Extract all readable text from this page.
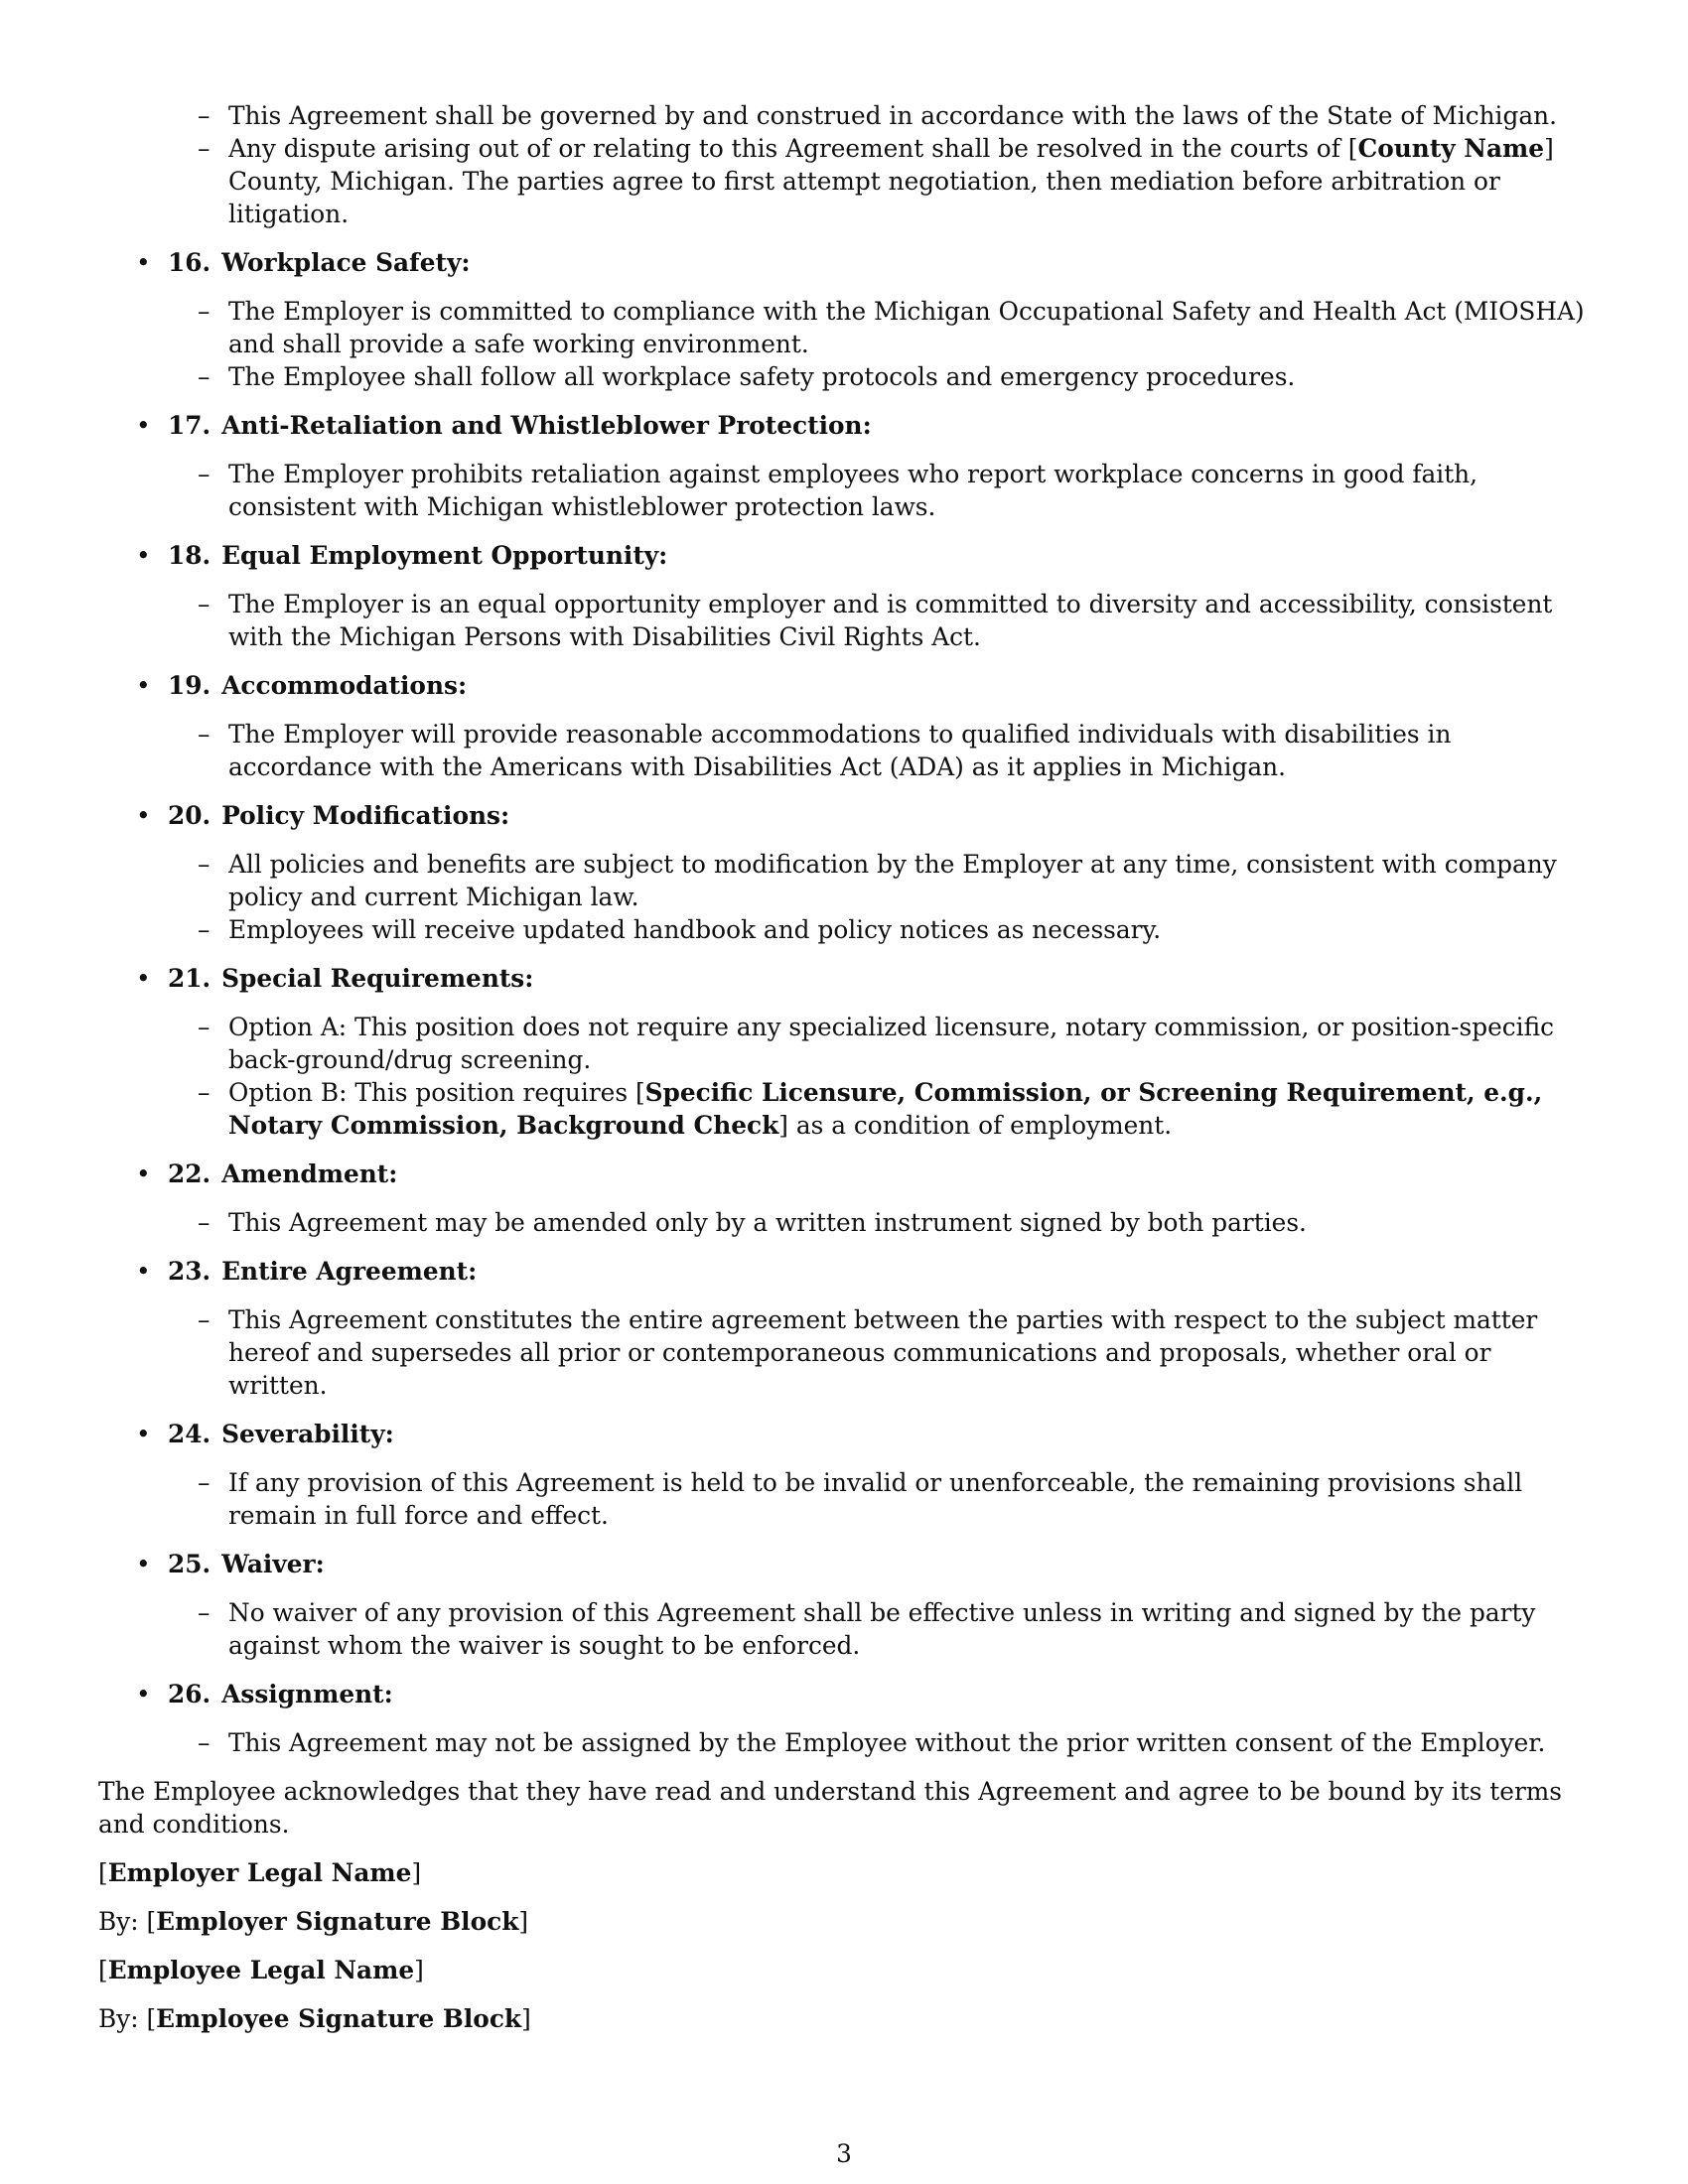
– This Agreement shall be governed by and construed in accordance with the laws of the State of Michigan.
– Any dispute arising out of or relating to this Agreement shall be resolved in the courts of [County Name] County, Michigan. The parties agree to first attempt negotiation, then mediation before arbitration or litigation.
• 16. Workplace Safety:
– The Employer is committed to compliance with the Michigan Occupational Safety and Health Act (MIOSHA) and shall provide a safe working environment.
– The Employee shall follow all workplace safety protocols and emergency procedures.
• 17. Anti-Retaliation and Whistleblower Protection:
– The Employer prohibits retaliation against employees who report workplace concerns in good faith, consistent with Michigan whistleblower protection laws.
• 18. Equal Employment Opportunity:
– The Employer is an equal opportunity employer and is committed to diversity and accessibility, consistent with the Michigan Persons with Disabilities Civil Rights Act.
• 19. Accommodations:
– The Employer will provide reasonable accommodations to qualified individuals with disabilities in accordance with the Americans with Disabilities Act (ADA) as it applies in Michigan.
• 20. Policy Modifications:
– All policies and benefits are subject to modification by the Employer at any time, consistent with company policy and current Michigan law.
– Employees will receive updated handbook and policy notices as necessary.
• 21. Special Requirements:
– Option A: This position does not require any specialized licensure, notary commission, or position-specific back-ground/drug screening.
– Option B: This position requires [Specific Licensure, Commission, or Screening Requirement, e.g., Notary Commission, Background Check] as a condition of employment.
• 22. Amendment:
– This Agreement may be amended only by a written instrument signed by both parties.
• 23. Entire Agreement:
– This Agreement constitutes the entire agreement between the parties with respect to the subject matter hereof and supersedes all prior or contemporaneous communications and proposals, whether oral or written.
• 24. Severability:
– If any provision of this Agreement is held to be invalid or unenforceable, the remaining provisions shall remain in full force and effect.
• 25. Waiver:
– No waiver of any provision of this Agreement shall be effective unless in writing and signed by the party against whom the waiver is sought to be enforced.
• 26. Assignment:
– This Agreement may not be assigned by the Employee without the prior written consent of the Employer.
The Employee acknowledges that they have read and understand this Agreement and agree to be bound by its terms and conditions.
[Employer Legal Name]
By: [Employer Signature Block]
[Employee Legal Name]
By: [Employee Signature Block]
3
